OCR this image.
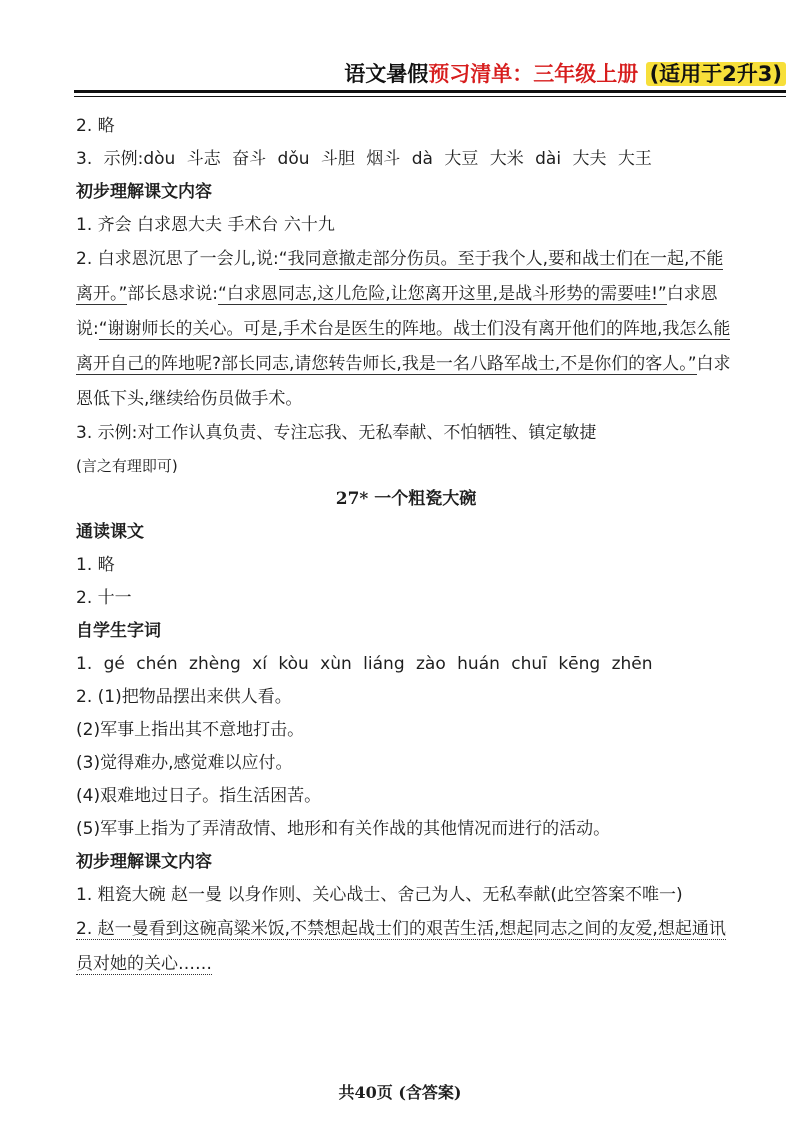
语文暑假预习清单：三年级上册 (适用于2升3)
2. 略
3. 示例:dòu 斗志 奋斗 dǒu 斗胆 烟斗 dà 大豆 大米 dài 大夫 大王
初步理解课文内容
1. 齐会 白求恩大夫 手术台 六十九
2. 白求恩沉思了一会儿,说:“我同意撤走部分伤员。至于我个人,要和战士们在一起,不能离开。”部长恳求说:“白求恩同志,这儿危险,让您离开这里,是战斗形势的需要哇!”白求恩说:“谢谢师长的关心。可是,手术台是医生的阵地。战士们没有离开他们的阵地,我怎么能离开自己的阵地呢?部长同志,请您转告师长,我是一名八路军战士,不是你们的客人。”白求恩低下头,继续给伤员做手术。
3. 示例:对工作认真负责、专注忘我、无私奉献、不怕牺牲、镇定敏捷
(言之有理即可)
27* 一个粗瓷大碗
通读课文
1. 略
2. 十一
自学生字词
1. gé chén zhèng xí kòu xùn liáng zào huán chuī kēng zhēn
2. (1)把物品摆出来供人看。
(2)军事上指出其不意地打击。
(3)觉得难办,感觉难以应付。
(4)艰难地过日子。指生活困苦。
(5)军事上指为了弄清敌情、地形和有关作战的其他情况而进行的活动。
初步理解课文内容
1. 粗瓷大碗 赵一曼 以身作则、关心战士、舍己为人、无私奉献(此空答案不唯一)
2. 赵一曼看到这碗高粱米饭,不禁想起战士们的艰苦生活,想起同志之间的友爱,想起通讯员对她的关心……
共40页 (含答案)
